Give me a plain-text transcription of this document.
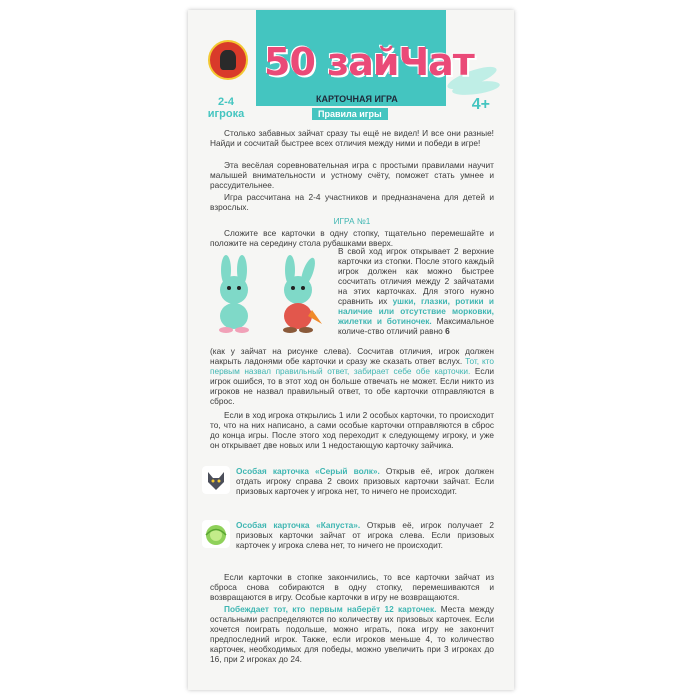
50 зайЧат
КАРТОЧНАЯ ИГРА
Правила игры
2-4 игрока
4+
Столько забавных зайчат сразу ты ещё не видел! И все они разные! Найди и сосчитай быстрее всех отличия между ними и победи в игре!
Эта весёлая соревновательная игра с простыми правилами научит малышей внимательности и устному счёту, поможет стать умнее и рассудительнее.
Игра рассчитана на 2-4 участников и предназначена для детей и взрослых.
ИГРА №1
Сложите все карточки в одну стопку, тщательно перемешайте и положите на середину стола рубашками вверх.
В свой ход игрок открывает 2 верхние карточки из стопки. После этого каждый игрок должен как можно быстрее сосчитать отличия между 2 зайчатами на этих карточках. Для этого нужно сравнить их ушки, глазки, ротики и наличие или отсутствие морковки, жилетки и ботиночек. Максимальное количе-ство отличий равно 6
(как у зайчат на рисунке слева). Сосчитав отличия, игрок должен накрыть ладонями обе карточки и сразу же сказать ответ вслух. Тот, кто первым назвал правильный ответ, забирает себе обе карточки. Если игрок ошибся, то в этот ход он больше отвечать не может. Если никто из игроков не назвал правильный ответ, то обе карточки отправляются в сброс.
Если в ход игрока открылись 1 или 2 особых карточки, то происходит то, что на них написано, а сами особые карточки отправляются в сброс до конца игры. После этого ход переходит к следующему игроку, и уже он открывает две новых или 1 недостающую карточку зайчика.
Особая карточка «Серый волк». Открыв её, игрок должен отдать игроку справа 2 своих призовых карточки зайчат. Если призовых карточек у игрока нет, то ничего не происходит.
Особая карточка «Капуста». Открыв её, игрок получает 2 призовых карточки зайчат от игрока слева. Если призовых карточек у игрока слева нет, то ничего не происходит.
Если карточки в стопке закончились, то все карточки зайчат из сброса снова собираются в одну стопку, перемешиваются и возвращаются в игру. Особые карточки в игру не возвращаются.
Побеждает тот, кто первым наберёт 12 карточек. Места между остальными распределяются по количеству их призовых карточек. Если хочется поиграть подольше, можно играть, пока игру не закончит предпоследний игрок. Также, если игроков меньше 4, то количество карточек, необходимых для победы, можно увеличить при 3 игроках до 16, при 2 игроках до 24.
